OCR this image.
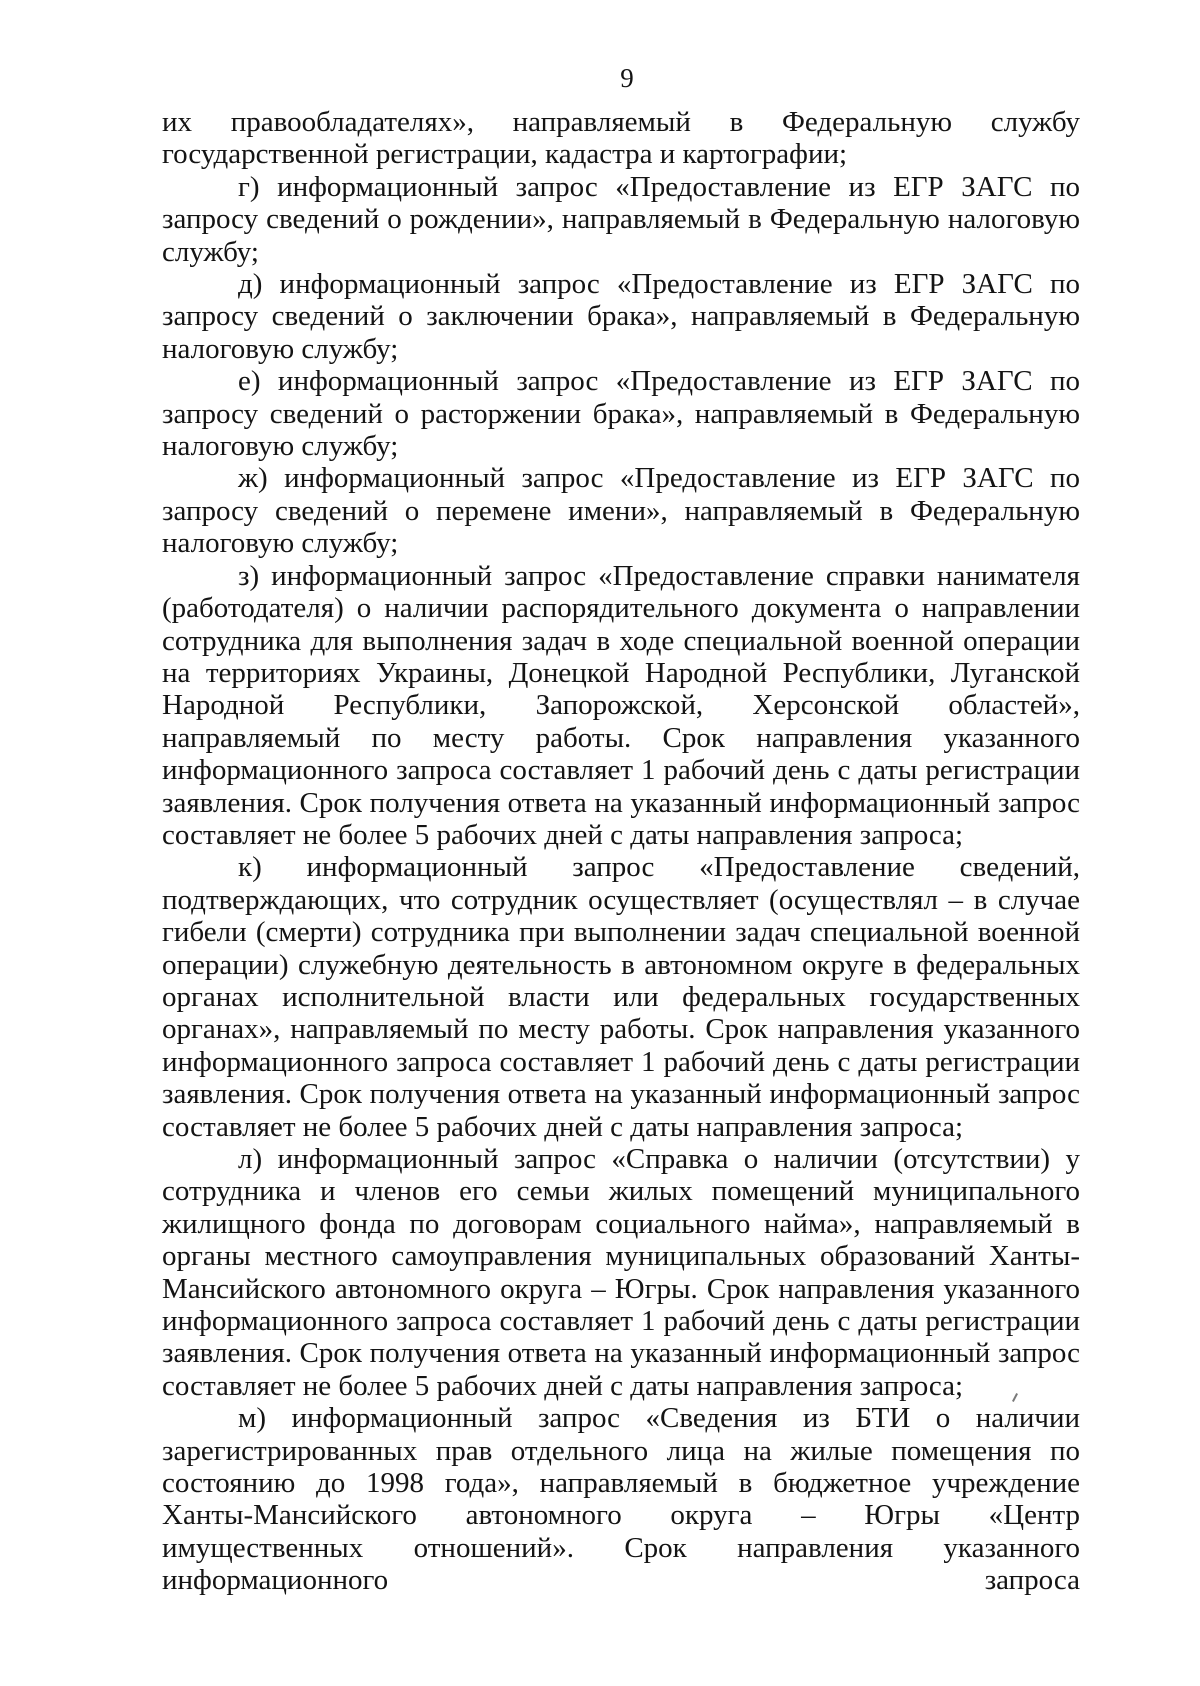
9

их правообладателях», направляемый в Федеральную службу государственной регистрации, кадастра и картографии;

г) информационный запрос «Предоставление из ЕГР ЗАГС по запросу сведений о рождении», направляемый в Федеральную налоговую службу;

д) информационный запрос «Предоставление из ЕГР ЗАГС по запросу сведений о заключении брака», направляемый в Федеральную налоговую службу;

е) информационный запрос «Предоставление из ЕГР ЗАГС по запросу сведений о расторжении брака», направляемый в Федеральную налоговую службу;

ж) информационный запрос «Предоставление из ЕГР ЗАГС по запросу сведений о перемене имени», направляемый в Федеральную налоговую службу;

з) информационный запрос «Предоставление справки нанимателя (работодателя) о наличии распорядительного документа о направлении сотрудника для выполнения задач в ходе специальной военной операции на территориях Украины, Донецкой Народной Республики, Луганской Народной Республики, Запорожской, Херсонской областей», направляемый по месту работы. Срок направления указанного информационного запроса составляет 1 рабочий день с даты регистрации заявления. Срок получения ответа на указанный информационный запрос составляет не более 5 рабочих дней с даты направления запроса;

к) информационный запрос «Предоставление сведений, подтверждающих, что сотрудник осуществляет (осуществлял – в случае гибели (смерти) сотрудника при выполнении задач специальной военной операции) служебную деятельность в автономном округе в федеральных органах исполнительной власти или федеральных государственных органах», направляемый по месту работы. Срок направления указанного информационного запроса составляет 1 рабочий день с даты регистрации заявления. Срок получения ответа на указанный информационный запрос составляет не более 5 рабочих дней с даты направления запроса;

л) информационный запрос «Справка о наличии (отсутствии) у сотрудника и членов его семьи жилых помещений муниципального жилищного фонда по договорам социального найма», направляемый в органы местного самоуправления муниципальных образований Ханты-Мансийского автономного округа – Югры. Срок направления указанного информационного запроса составляет 1 рабочий день с даты регистрации заявления. Срок получения ответа на указанный информационный запрос составляет не более 5 рабочих дней с даты направления запроса;

м) информационный запрос «Сведения из БТИ о наличии зарегистрированных прав отдельного лица на жилые помещения по состоянию до 1998 года», направляемый в бюджетное учреждение Ханты-Мансийского автономного округа – Югры «Центр имущественных отношений». Срок направления указанного информационного запроса
